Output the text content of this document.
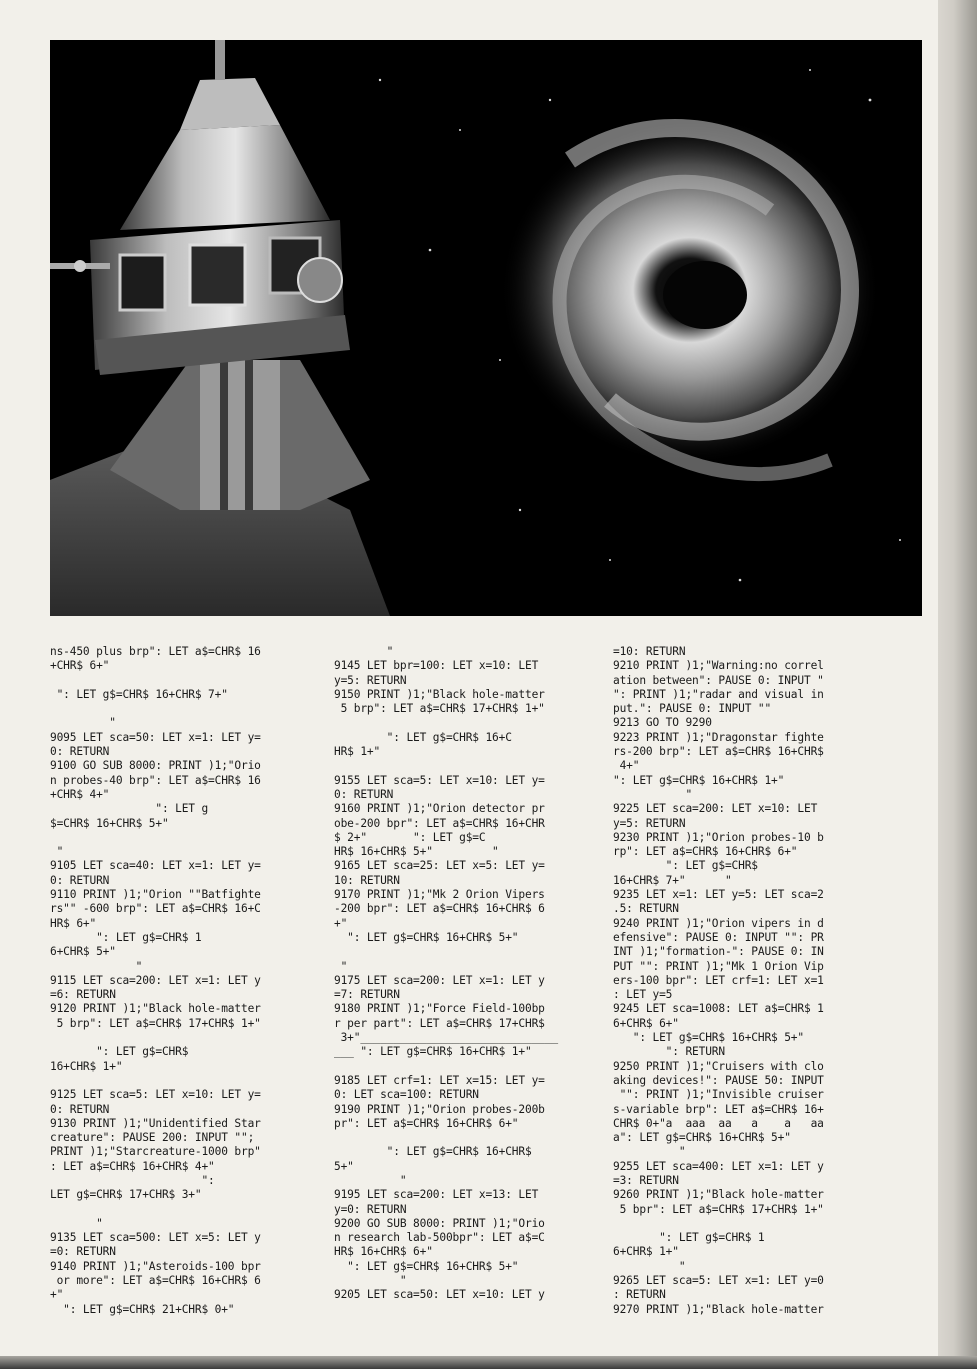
ns-450 plus brp": LET a$=CHR$ 16
+CHR$ 6+"

": LET g$=CHR$ 16+CHR$ 7+"

"
9095 LET sca=50: LET x=1: LET y=
0: RETURN
9100 GO SUB 8000: PRINT )1;"Orio
n probes-40 brp": LET a$=CHR$ 16
+CHR$ 4+"
": LET g
$=CHR$ 16+CHR$ 5+"

"
9105 LET sca=40: LET x=1: LET y=
0: RETURN
9110 PRINT )1;"Orion ""Batfighte
rs"" -600 brp": LET a$=CHR$ 16+C
HR$ 6+"
": LET g$=CHR$ 1
6+CHR$ 5+"
"
9115 LET sca=200: LET x=1: LET y
=6: RETURN
9120 PRINT )1;"Black hole-matter
5 brp": LET a$=CHR$ 17+CHR$ 1+"

": LET g$=CHR$
16+CHR$ 1+"

9125 LET sca=5: LET x=10: LET y=
0: RETURN
9130 PRINT )1;"Unidentified Star
creature": PAUSE 200: INPUT "";
PRINT )1;"Starcreature-1000 brp"
: LET a$=CHR$ 16+CHR$ 4+"
":
LET g$=CHR$ 17+CHR$ 3+"

"
9135 LET sca=500: LET x=5: LET y
=0: RETURN
9140 PRINT )1;"Asteroids-100 bpr
or more": LET a$=CHR$ 16+CHR$ 6
+"
": LET g$=CHR$ 21+CHR$ 0+"

"
9145 LET bpr=100: LET x=10: LET
y=5: RETURN
9150 PRINT )1;"Black hole-matter
5 brp": LET a$=CHR$ 17+CHR$ 1+"

": LET g$=CHR$ 16+C
HR$ 1+"

9155 LET sca=5: LET x=10: LET y=
0: RETURN
9160 PRINT )1;"Orion detector pr
obe-200 bpr": LET a$=CHR$ 16+CHR
$ 2+"       ": LET g$=C
HR$ 16+CHR$ 5+"         "
9165 LET sca=25: LET x=5: LET y=
10: RETURN
9170 PRINT )1;"Mk 2 Orion Vipers
-200 bpr": LET a$=CHR$ 16+CHR$ 6
+"
": LET g$=CHR$ 16+CHR$ 5+"

"
9175 LET sca=200: LET x=1: LET y
=7: RETURN
9180 PRINT )1;"Force Field-100bp
r per part": LET a$=CHR$ 17+CHR$
3+"______________________________
___ ": LET g$=CHR$ 16+CHR$ 1+"

9185 LET crf=1: LET x=15: LET y=
0: LET sca=100: RETURN
9190 PRINT )1;"Orion probes-200b
pr": LET a$=CHR$ 16+CHR$ 6+"

": LET g$=CHR$ 16+CHR$
5+"
"
9195 LET sca=200: LET x=13: LET
y=0: RETURN
9200 GO SUB 8000: PRINT )1;"Orio
n research lab-500bpr": LET a$=C
HR$ 16+CHR$ 6+"
": LET g$=CHR$ 16+CHR$ 5+"
"
9205 LET sca=50: LET x=10: LET y

=10: RETURN
9210 PRINT )1;"Warning:no correl
ation between": PAUSE 0: INPUT "
": PRINT )1;"radar and visual in
put.": PAUSE 0: INPUT ""
9213 GO TO 9290
9223 PRINT )1;"Dragonstar fighte
rs-200 brp": LET a$=CHR$ 16+CHR$
4+"
": LET g$=CHR$ 16+CHR$ 1+"
"
9225 LET sca=200: LET x=10: LET
y=5: RETURN
9230 PRINT )1;"Orion probes-10 b
rp": LET a$=CHR$ 16+CHR$ 6+"
": LET g$=CHR$
16+CHR$ 7+"      "
9235 LET x=1: LET y=5: LET sca=2
.5: RETURN
9240 PRINT )1;"Orion vipers in d
efensive": PAUSE 0: INPUT "": PR
INT )1;"formation-": PAUSE 0: IN
PUT "": PRINT )1;"Mk 1 Orion Vip
ers-100 bpr": LET crf=1: LET x=1
: LET y=5
9245 LET sca=1008: LET a$=CHR$ 1
6+CHR$ 6+"
": LET g$=CHR$ 16+CHR$ 5+"
": RETURN
9250 PRINT )1;"Cruisers with clo
aking devices!": PAUSE 50: INPUT
"": PRINT )1;"Invisible cruiser
s-variable brp": LET a$=CHR$ 16+
CHR$ 0+"a  aaa  aa   a    a   aa
a": LET g$=CHR$ 16+CHR$ 5+"
"
9255 LET sca=400: LET x=1: LET y
=3: RETURN
9260 PRINT )1;"Black hole-matter
5 bpr": LET a$=CHR$ 17+CHR$ 1+"

": LET g$=CHR$ 1
6+CHR$ 1+"
"
9265 LET sca=5: LET x=1: LET y=0
: RETURN
9270 PRINT )1;"Black hole-matter
